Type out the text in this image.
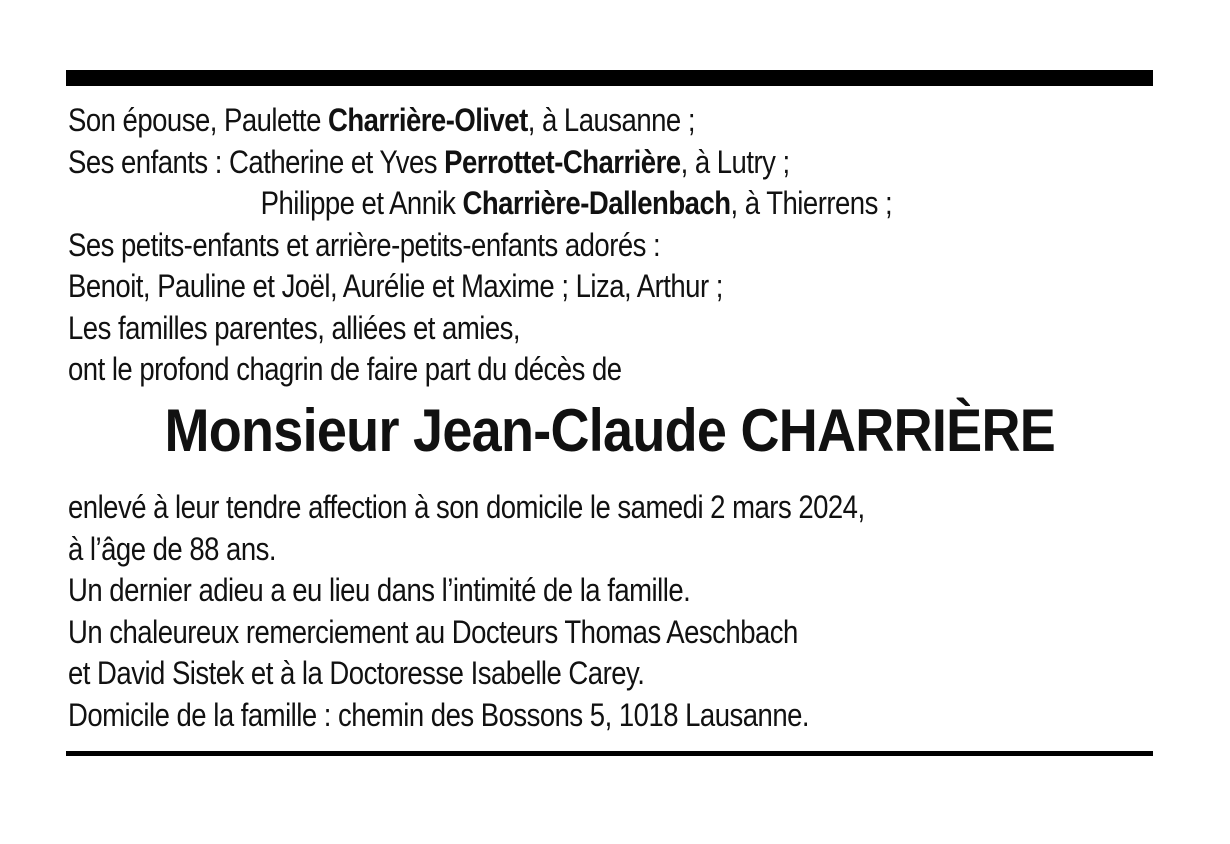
Son épouse, Paulette Charrière-Olivet, à Lausanne ;
Ses enfants : Catherine et Yves Perrottet-Charrière, à Lutry ;
Philippe et Annik Charrière-Dallenbach, à Thierrens ;
Ses petits-enfants et arrière-petits-enfants adorés :
Benoit, Pauline et Joël, Aurélie et Maxime ; Liza, Arthur ;
Les familles parentes, alliées et amies,
ont le profond chagrin de faire part du décès de
Monsieur Jean-Claude CHARRIÈRE
enlevé à leur tendre affection à son domicile le samedi 2 mars 2024,
à l’âge de 88 ans.
Un dernier adieu a eu lieu dans l’intimité de la famille.
Un chaleureux remerciement au Docteurs Thomas Aeschbach
et David Sistek et à la Doctoresse Isabelle Carey.
Domicile de la famille : chemin des Bossons 5, 1018 Lausanne.
